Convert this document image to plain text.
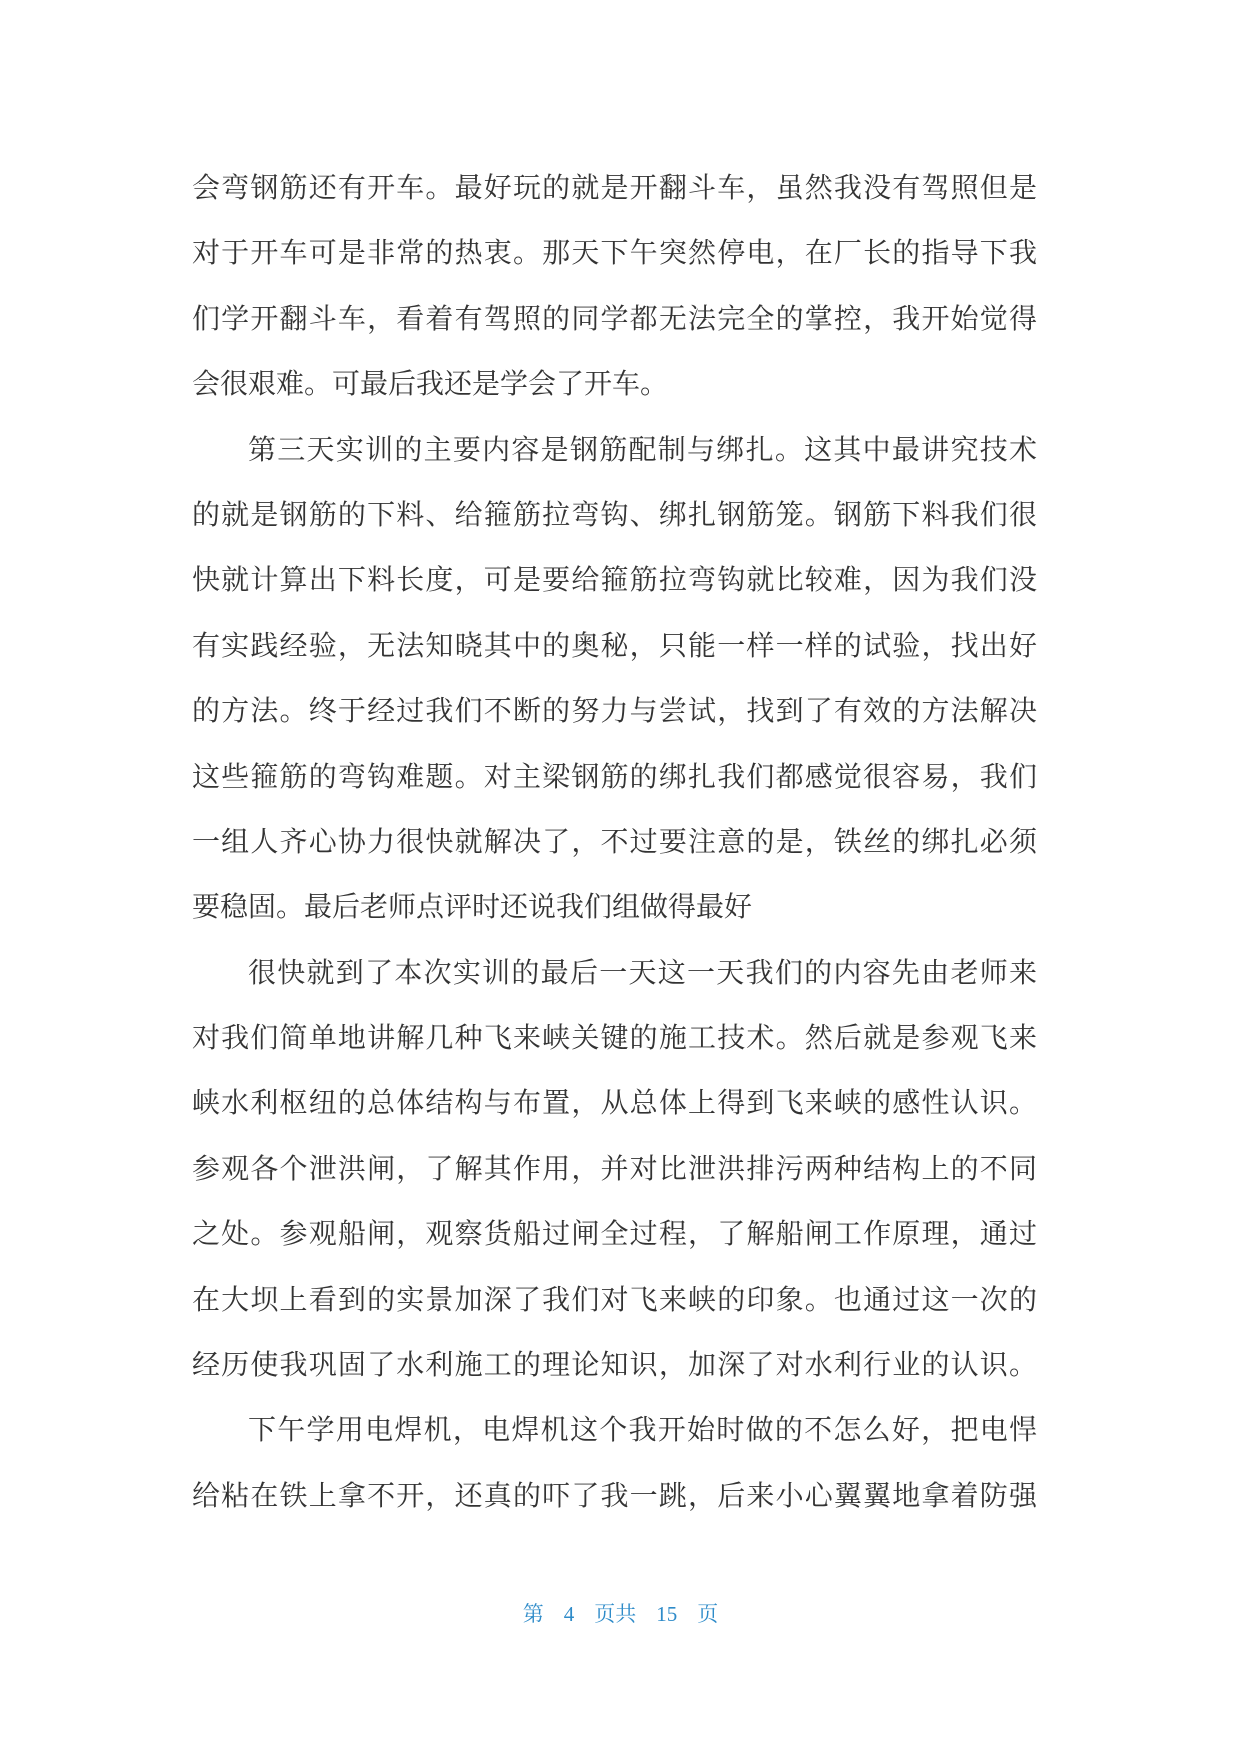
会弯钢筋还有开车。最好玩的就是开翻斗车，虽然我没有驾照但是
对于开车可是非常的热衷。那天下午突然停电，在厂长的指导下我
们学开翻斗车，看着有驾照的同学都无法完全的掌控，我开始觉得
会很艰难。可最后我还是学会了开车。
第三天实训的主要内容是钢筋配制与绑扎。这其中最讲究技术
的就是钢筋的下料、给箍筋拉弯钩、绑扎钢筋笼。钢筋下料我们很
快就计算出下料长度，可是要给箍筋拉弯钩就比较难，因为我们没
有实践经验，无法知晓其中的奥秘，只能一样一样的试验，找出好
的方法。终于经过我们不断的努力与尝试，找到了有效的方法解决
这些箍筋的弯钩难题。对主梁钢筋的绑扎我们都感觉很容易，我们
一组人齐心协力很快就解决了，不过要注意的是，铁丝的绑扎必须
要稳固。最后老师点评时还说我们组做得最好
很快就到了本次实训的最后一天这一天我们的内容先由老师来
对我们简单地讲解几种飞来峡关键的施工技术。然后就是参观飞来
峡水利枢纽的总体结构与布置，从总体上得到飞来峡的感性认识。
参观各个泄洪闸，了解其作用，并对比泄洪排污两种结构上的不同
之处。参观船闸，观察货船过闸全过程，了解船闸工作原理，通过
在大坝上看到的实景加深了我们对飞来峡的印象。也通过这一次的
经历使我巩固了水利施工的理论知识，加深了对水利行业的认识。
下午学用电焊机，电焊机这个我开始时做的不怎么好，把电悍
给粘在铁上拿不开，还真的吓了我一跳，后来小心翼翼地拿着防强
第 4 页共 15 页
